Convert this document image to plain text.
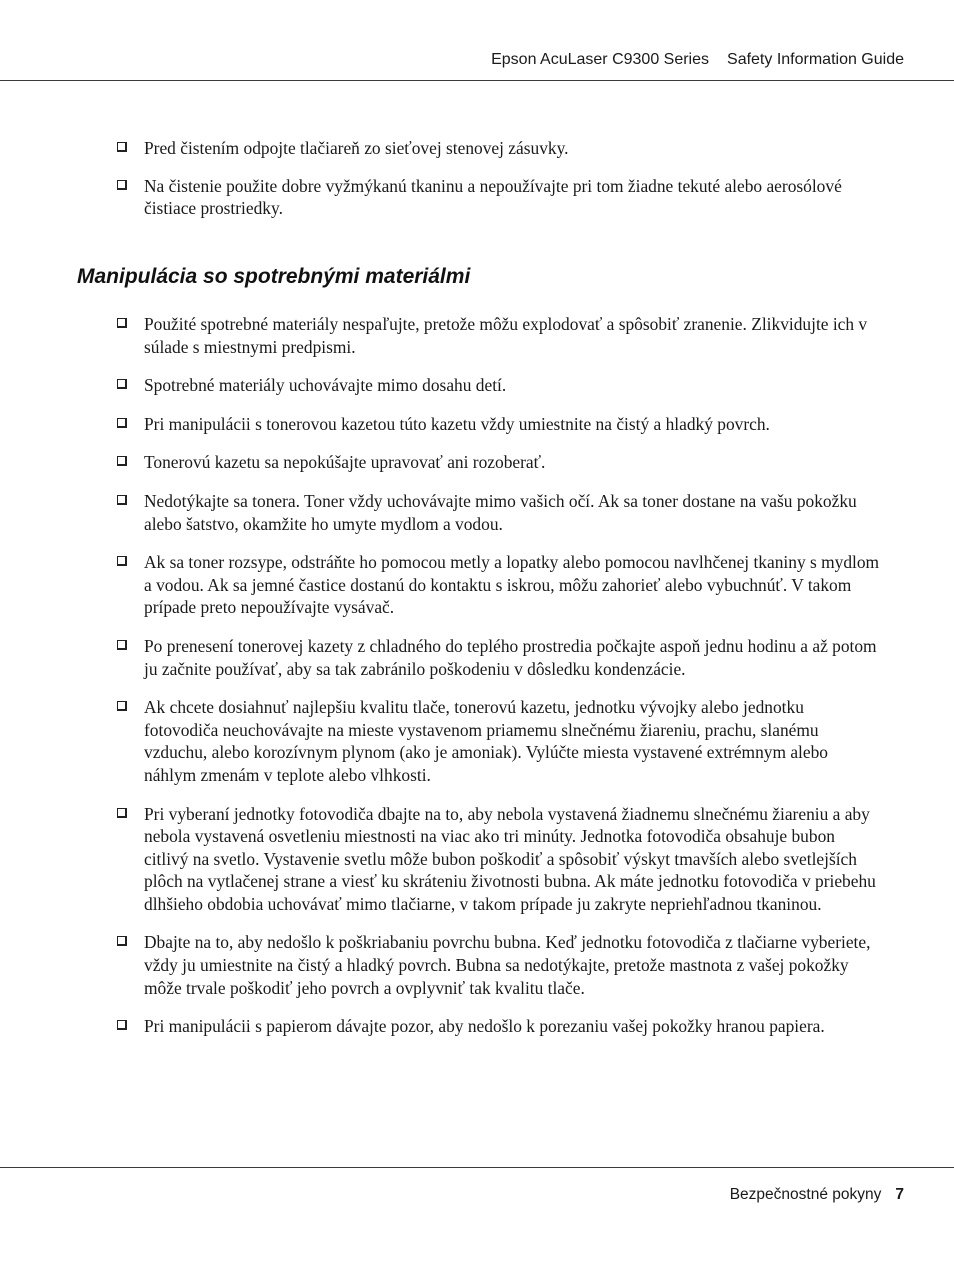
Epson AcuLaser C9300 Series Safety Information Guide
Pred čistením odpojte tlačiareň zo sieťovej stenovej zásuvky.
Na čistenie použite dobre vyžmýkanú tkaninu a nepoužívajte pri tom žiadne tekuté alebo aerosólové čistiace prostriedky.
Manipulácia so spotrebnými materiálmi
Použité spotrebné materiály nespaľujte, pretože môžu explodovať a spôsobiť zranenie. Zlikvidujte ich v súlade s miestnymi predpismi.
Spotrebné materiály uchovávajte mimo dosahu detí.
Pri manipulácii s tonerovou kazetou túto kazetu vždy umiestnite na čistý a hladký povrch.
Tonerovú kazetu sa nepokúšajte upravovať ani rozoberať.
Nedotýkajte sa tonera. Toner vždy uchovávajte mimo vašich očí. Ak sa toner dostane na vašu pokožku alebo šatstvo, okamžite ho umyte mydlom a vodou.
Ak sa toner rozsype, odstráňte ho pomocou metly a lopatky alebo pomocou navlhčenej tkaniny s mydlom a vodou. Ak sa jemné častice dostanú do kontaktu s iskrou, môžu zahorieť alebo vybuchnúť. V takom prípade preto nepoužívajte vysávač.
Po prenesení tonerovej kazety z chladného do teplého prostredia počkajte aspoň jednu hodinu a až potom ju začnite používať, aby sa tak zabránilo poškodeniu v dôsledku kondenzácie.
Ak chcete dosiahnuť najlepšiu kvalitu tlače, tonerovú kazetu, jednotku vývojky alebo jednotku fotovodiča neuchovávajte na mieste vystavenom priamemu slnečnému žiareniu, prachu, slanému vzduchu, alebo korozívnym plynom (ako je amoniak). Vylúčte miesta vystavené extrémnym alebo náhlym zmenám v teplote alebo vlhkosti.
Pri vyberaní jednotky fotovodiča dbajte na to, aby nebola vystavená žiadnemu slnečnému žiareniu a aby nebola vystavená osvetleniu miestnosti na viac ako tri minúty. Jednotka fotovodiča obsahuje bubon citlivý na svetlo. Vystavenie svetlu môže bubon poškodiť a spôsobiť výskyt tmavších alebo svetlejších plôch na vytlačenej strane a viesť ku skráteniu životnosti bubna. Ak máte jednotku fotovodiča v priebehu dlhšieho obdobia uchovávať mimo tlačiarne, v takom prípade ju zakryte nepriehľadnou tkaninou.
Dbajte na to, aby nedošlo k poškriabaniu povrchu bubna. Keď jednotku fotovodiča z tlačiarne vyberiete, vždy ju umiestnite na čistý a hladký povrch. Bubna sa nedotýkajte, pretože mastnota z vašej pokožky môže trvale poškodiť jeho povrch a ovplyvniť tak kvalitu tlače.
Pri manipulácii s papierom dávajte pozor, aby nedošlo k porezaniu vašej pokožky hranou papiera.
Bezpečnostné pokyny 7
